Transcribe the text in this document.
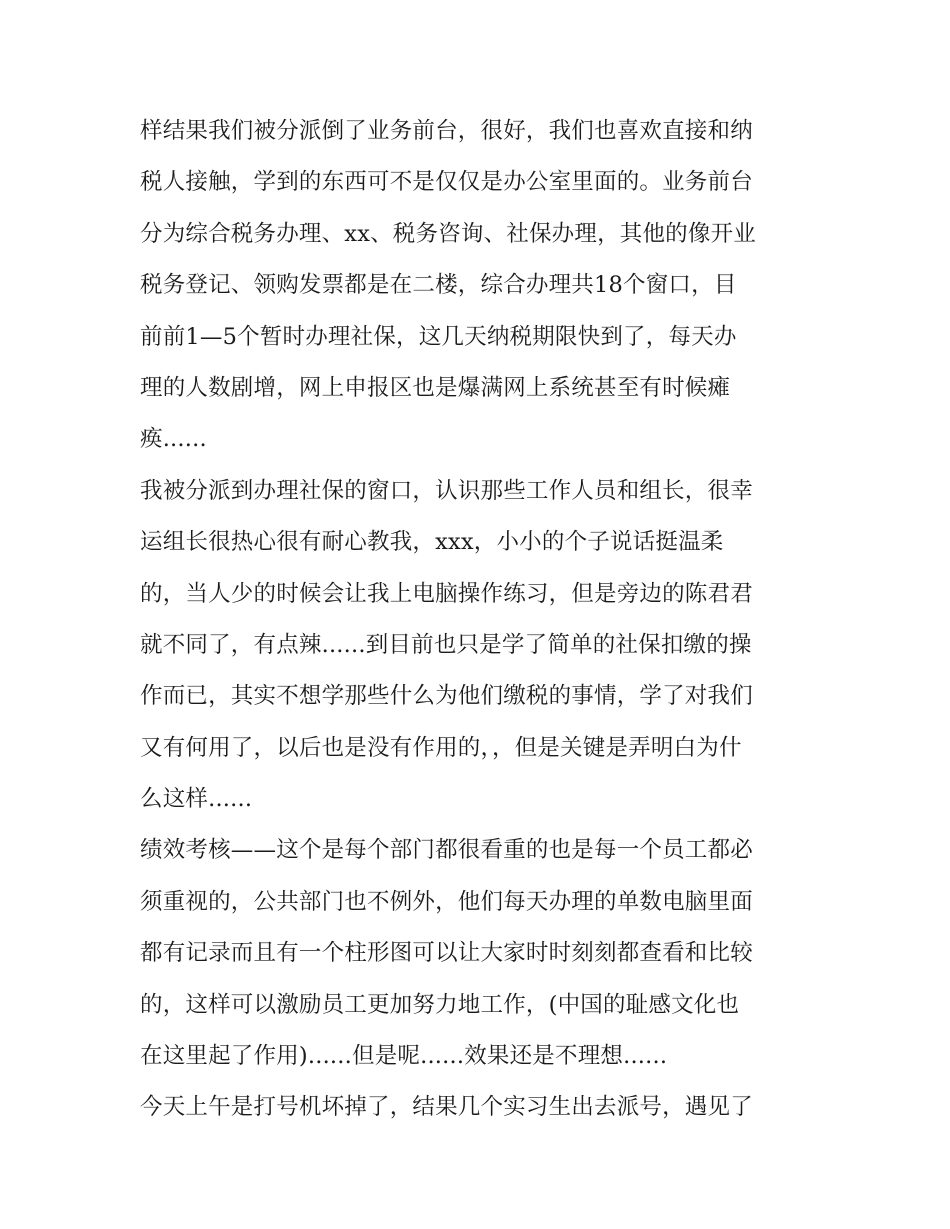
样结果我们被分派倒了业务前台，很好，我们也喜欢直接和纳
税人接触，学到的东西可不是仅仅是办公室里面的。业务前台
分为综合税务办理、xx、税务咨询、社保办理，其他的像开业
税务登记、领购发票都是在二楼，综合办理共18个窗口，目
前前1—5个暂时办理社保，这几天纳税期限快到了，每天办
理的人数剧增，网上申报区也是爆满网上系统甚至有时候瘫
痪......
我被分派到办理社保的窗口，认识那些工作人员和组长，很幸
运组长很热心很有耐心教我，xxx，小小的个子说话挺温柔
的，当人少的时候会让我上电脑操作练习，但是旁边的陈君君
就不同了，有点辣......到目前也只是学了简单的社保扣缴的操
作而已，其实不想学那些什么为他们缴税的事情，学了对我们
又有何用了，以后也是没有作用的，，但是关键是弄明白为什
么这样......
绩效考核——这个是每个部门都很看重的也是每一个员工都必
须重视的，公共部门也不例外，他们每天办理的单数电脑里面
都有记录而且有一个柱形图可以让大家时时刻刻都查看和比较
的，这样可以激励员工更加努力地工作，(中国的耻感文化也
在这里起了作用)......但是呢......效果还是不理想......
今天上午是打号机坏掉了，结果几个实习生出去派号，遇见了
